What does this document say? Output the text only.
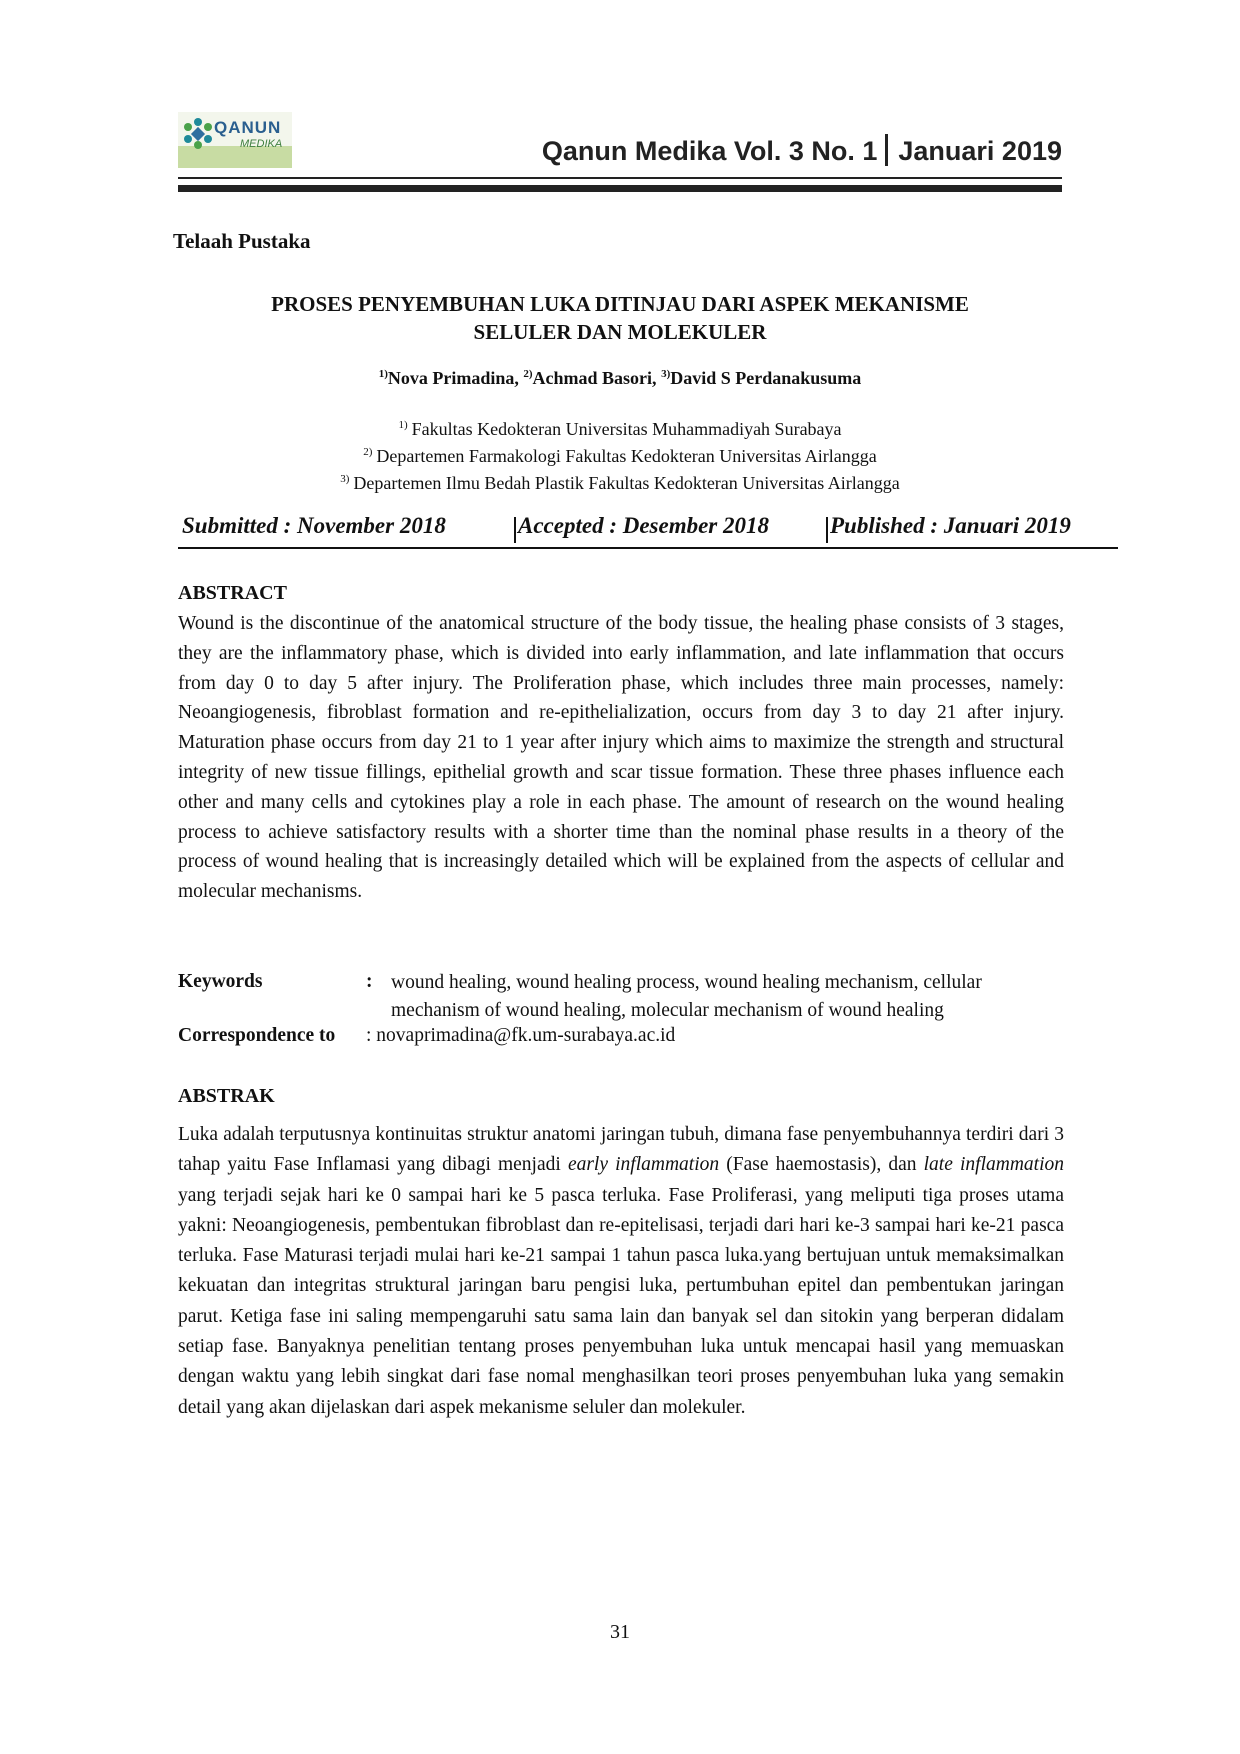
QANUN
MEDIKA	Qanun Medika Vol. 3 No. 1 Januari 2019
Telaah Pustaka
PROSES PENYEMBUHAN LUKA DITINJAU DARI ASPEK MEKANISME
SELULER DAN MOLEKULER
$^{1)}$Nova Primadina, $^{2)}$Achmad Basori, $^{3)}$David S Perdanakusuma
$^{1)}$ Fakultas Kedokteran Universitas Muhammadiyah Surabaya
$^{2)}$ Departemen Farmakologi Fakultas Kedokteran Universitas Airlangga
$^{3)}$ Departemen Ilmu Bedah Plastik Fakultas Kedokteran Universitas Airlangga
Submitted : November 2018	Accepted : Desember 2018	Published : Januari 2019
ABSTRACT
Wound is the discontinue of the anatomical structure of the body tissue, the healing phase consists of 3 stages, they are the inflammatory phase, which is divided into early inflammation, and late inflammation that occurs from day 0 to day 5 after injury. The Proliferation phase, which includes three main processes, namely: Neoangiogenesis, fibroblast formation and re-epithelialization, occurs from day 3 to day 21 after injury. Maturation phase occurs from day 21 to 1 year after injury which aims to maximize the strength and structural integrity of new tissue fillings, epithelial growth and scar tissue formation. These three phases influence each other and many cells and cytokines play a role in each phase. The amount of research on the wound healing process to achieve satisfactory results with a shorter time than the nominal phase results in a theory of the process of wound healing that is increasingly detailed which will be explained from the aspects of cellular and molecular mechanisms.
Keywords	: wound healing, wound healing process, wound healing mechanism, cellular mechanism of wound healing, molecular mechanism of wound healing
Correspondence to : novaprimadina@fk.um-surabaya.ac.id
ABSTRAK
Luka adalah terputusnya kontinuitas struktur anatomi jaringan tubuh, dimana fase penyembuhannya terdiri dari 3 tahap yaitu Fase Inflamasi yang dibagi menjadi early inflammation (Fase haemostasis), dan late inflammation yang terjadi sejak hari ke 0 sampai hari ke 5 pasca terluka. Fase Proliferasi, yang meliputi tiga proses utama yakni: Neoangiogenesis, pembentukan fibroblast dan re-epitelisasi, terjadi dari hari ke-3 sampai hari ke-21 pasca terluka. Fase Maturasi terjadi mulai hari ke-21 sampai 1 tahun pasca luka.yang bertujuan untuk memaksimalkan kekuatan dan integritas struktural jaringan baru pengisi luka, pertumbuhan epitel dan pembentukan jaringan parut. Ketiga fase ini saling mempengaruhi satu sama lain dan banyak sel dan sitokin yang berperan didalam setiap fase. Banyaknya penelitian tentang proses penyembuhan luka untuk mencapai hasil yang memuaskan dengan waktu yang lebih singkat dari fase nomal menghasilkan teori proses penyembuhan luka yang semakin detail yang akan dijelaskan dari aspek mekanisme seluler dan molekuler.
31
